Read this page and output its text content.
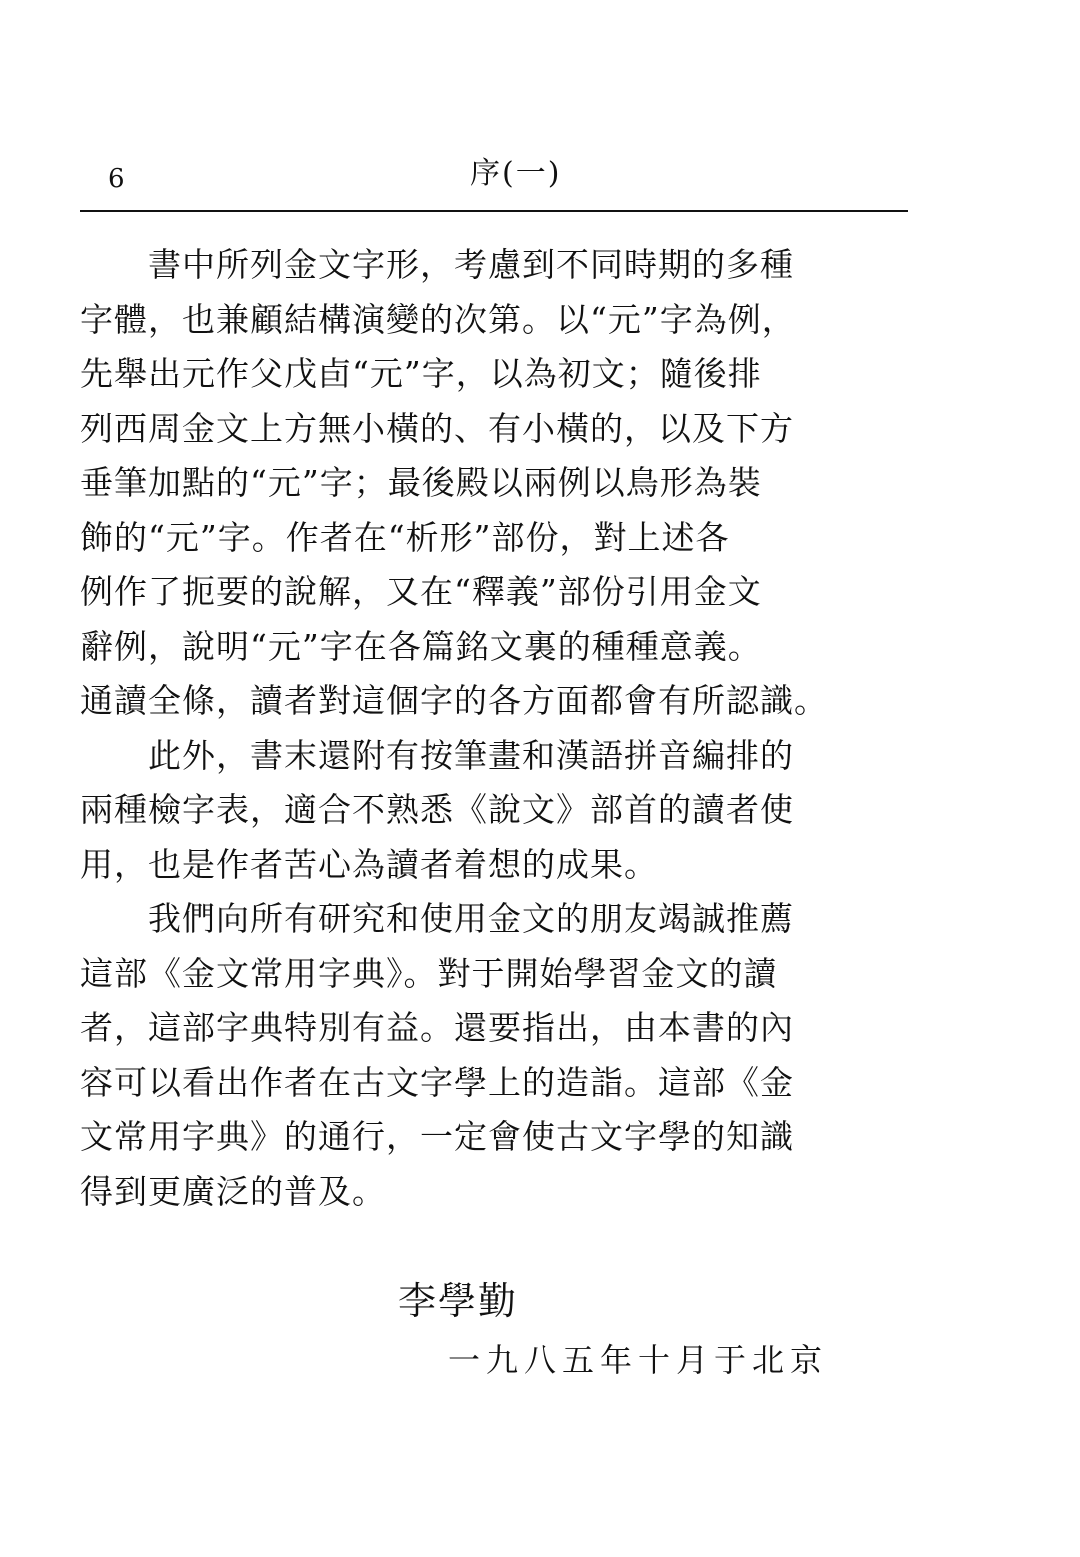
6	序(一)

　　書中所列金文字形，考慮到不同時期的多種

字體，也兼顧結構演變的次第。以“元”字為例，

先舉出元作父戊卣“元”字，以為初文；隨後排

列西周金文上方無小橫的、有小橫的，以及下方

垂筆加點的“元”字；最後殿以兩例以鳥形為裝

飾的“元”字。作者在“析形”部份，對上述各

例作了扼要的說解，又在“釋義”部份引用金文

辭例，說明“元”字在各篇銘文裏的種種意義。

通讀全條，讀者對這個字的各方面都會有所認識。

　　此外，書末還附有按筆畫和漢語拼音編排的

兩種檢字表，適合不熟悉《說文》部首的讀者使

用，也是作者苦心為讀者着想的成果。

　　我們向所有研究和使用金文的朋友竭誠推薦

這部《金文常用字典》。對于開始學習金文的讀

者，這部字典特別有益。還要指出，由本書的內

容可以看出作者在古文字學上的造詣。這部《金

文常用字典》的通行，一定會使古文字學的知識

得到更廣泛的普及。

李學勤
一九八五年十月于北京
